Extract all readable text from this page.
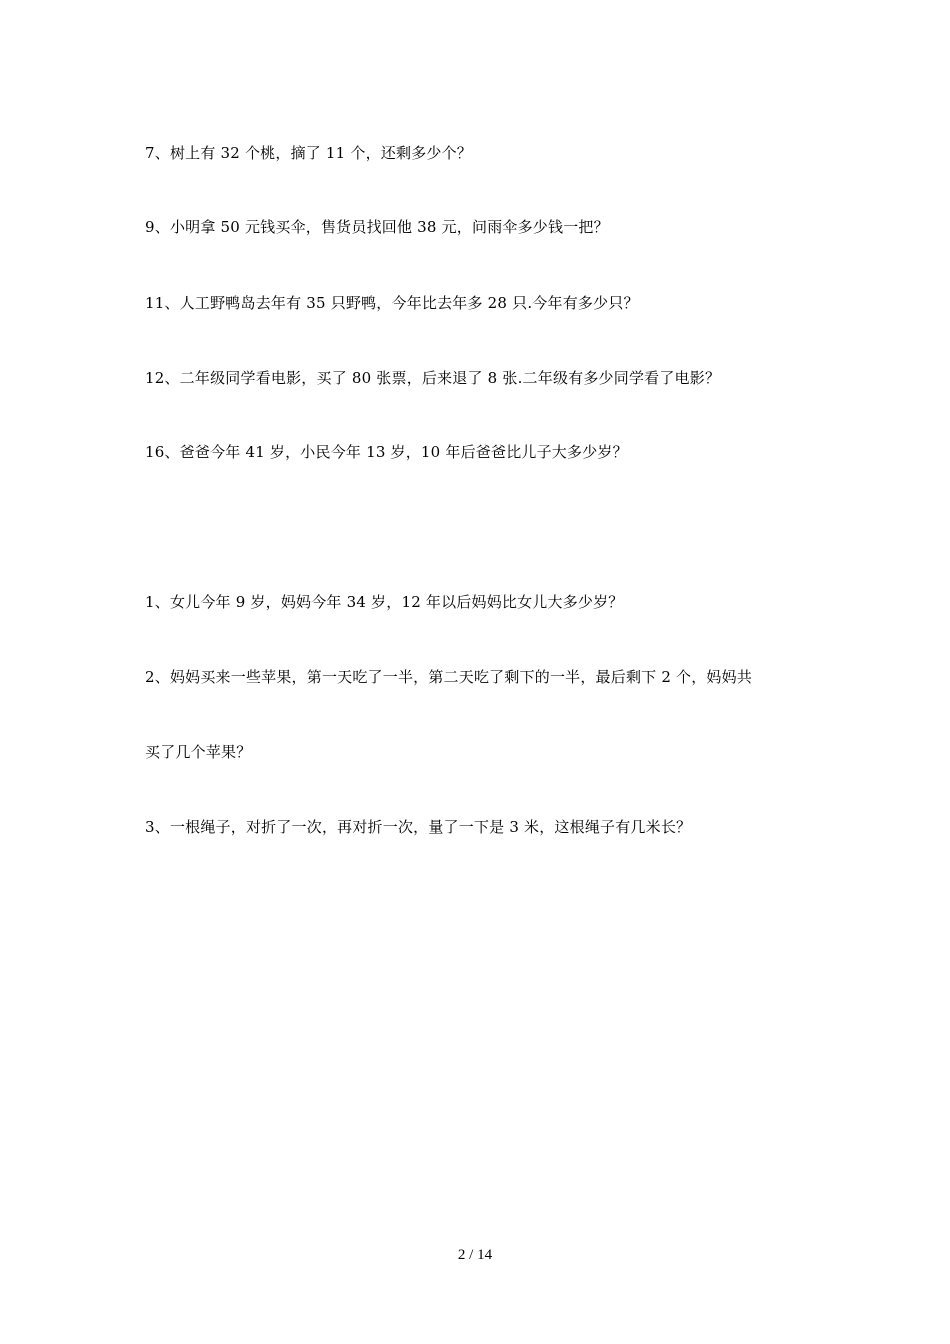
7、树上有 32 个桃，摘了 11 个，还剩多少个？
9、小明拿 50 元钱买伞，售货员找回他 38 元，问雨伞多少钱一把？
11、人工野鸭岛去年有 35 只野鸭，今年比去年多 28 只.今年有多少只？
12、二年级同学看电影，买了 80 张票，后来退了 8 张.二年级有多少同学看了电影？
16、爸爸今年 41 岁，小民今年 13 岁，10 年后爸爸比儿子大多少岁？
1、女儿今年 9 岁，妈妈今年 34 岁，12 年以后妈妈比女儿大多少岁？
2、妈妈买来一些苹果，第一天吃了一半，第二天吃了剩下的一半，最后剩下 2 个，妈妈共
买了几个苹果？
3、一根绳子，对折了一次，再对折一次，量了一下是 3 米，这根绳子有几米长？
2 / 14
